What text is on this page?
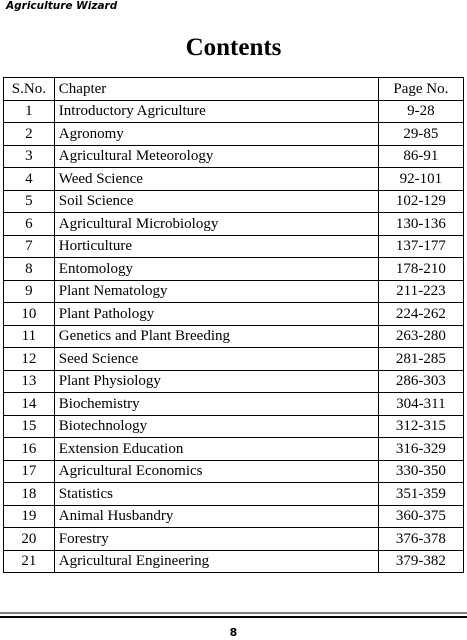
Agriculture Wizard
Contents
S.No.	Chapter	Page No.
1	Introductory Agriculture	9-28
2	Agronomy	29-85
3	Agricultural Meteorology	86-91
4	Weed Science	92-101
5	Soil Science	102-129
6	Agricultural Microbiology	130-136
7	Horticulture	137-177
8	Entomology	178-210
9	Plant Nematology	211-223
10	Plant Pathology	224-262
11	Genetics and Plant Breeding	263-280
12	Seed Science	281-285
13	Plant Physiology	286-303
14	Biochemistry	304-311
15	Biotechnology	312-315
16	Extension Education	316-329
17	Agricultural Economics	330-350
18	Statistics	351-359
19	Animal Husbandry	360-375
20	Forestry	376-378
21	Agricultural Engineering	379-382
8
